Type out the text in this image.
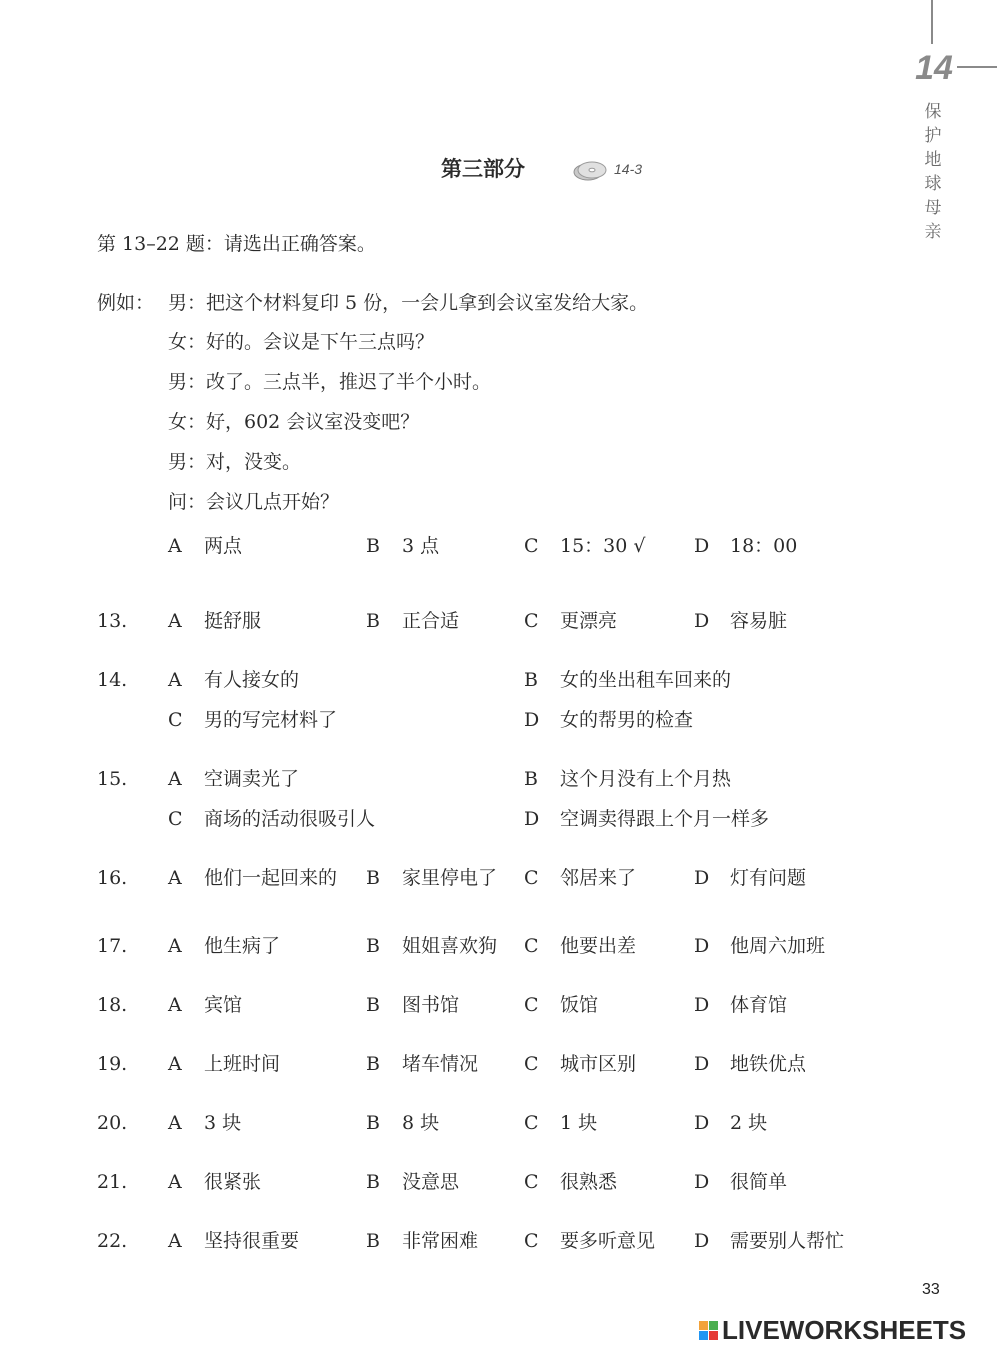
14
保护地球母亲
第三部分	14-3
第 13–22 题：请选出正确答案。
例如： 男：把这个材料复印 5 份，一会儿拿到会议室发给大家。
女：好的。会议是下午三点吗？
男：改了。三点半，推迟了半个小时。
女：好，602 会议室没变吧？
男：对，没变。
问：会议几点开始？
A 两点	B 3 点	C 15：30 √	D 18：00
13. A 挺舒服	B 正合适	C 更漂亮	D 容易脏
14. A 有人接女的	B 女的坐出租车回来的
C 男的写完材料了	D 女的帮男的检查
15. A 空调卖光了	B 这个月没有上个月热
C 商场的活动很吸引人	D 空调卖得跟上个月一样多
16. A 他们一起回来的 B 家里停电了 C 邻居来了	D 灯有问题
17. A 他生病了	B 姐姐喜欢狗 C 他要出差	D 他周六加班
18. A 宾馆	B 图书馆	C 饭馆	D 体育馆
19. A 上班时间	B 堵车情况 C 城市区别	D 地铁优点
20. A 3 块	B 8 块	C 1 块	D 2 块
21. A 很紧张	B 没意思	C 很熟悉	D 很简单
22. A 坚持很重要	B 非常困难 C 要多听意见 D 需要别人帮忙
33
LIVEWORKSHEETS
